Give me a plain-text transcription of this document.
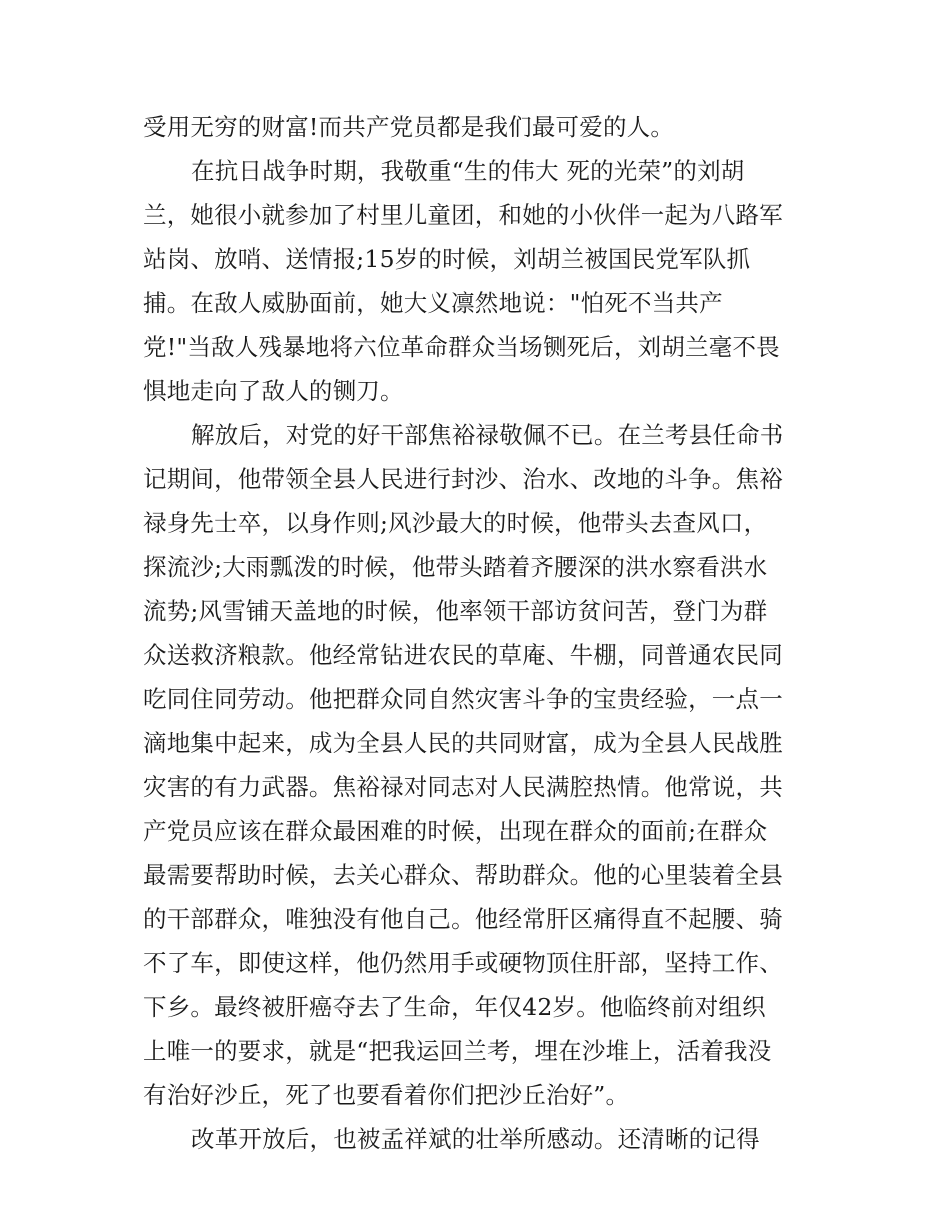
受用无穷的财富!而共产党员都是我们最可爱的人。
在抗日战争时期，我敬重“生的伟大 死的光荣”的刘胡
兰，她很小就参加了村里儿童团，和她的小伙伴一起为八路军
站岗、放哨、送情报;15岁的时候，刘胡兰被国民党军队抓
捕。在敌人威胁面前，她大义凛然地说："怕死不当共产
党!"当敌人残暴地将六位革命群众当场铡死后，刘胡兰毫不畏
惧地走向了敌人的铡刀。
解放后，对党的好干部焦裕禄敬佩不已。在兰考县任命书
记期间，他带领全县人民进行封沙、治水、改地的斗争。焦裕
禄身先士卒，以身作则;风沙最大的时候，他带头去查风口，
探流沙;大雨瓢泼的时候，他带头踏着齐腰深的洪水察看洪水
流势;风雪铺天盖地的时候，他率领干部访贫问苦，登门为群
众送救济粮款。他经常钻进农民的草庵、牛棚，同普通农民同
吃同住同劳动。他把群众同自然灾害斗争的宝贵经验，一点一
滴地集中起来，成为全县人民的共同财富，成为全县人民战胜
灾害的有力武器。焦裕禄对同志对人民满腔热情。他常说，共
产党员应该在群众最困难的时候，出现在群众的面前;在群众
最需要帮助时候，去关心群众、帮助群众。他的心里装着全县
的干部群众，唯独没有他自己。他经常肝区痛得直不起腰、骑
不了车，即使这样，他仍然用手或硬物顶住肝部，坚持工作、
下乡。最终被肝癌夺去了生命，年仅42岁。他临终前对组织
上唯一的要求，就是“把我运回兰考，埋在沙堆上，活着我没
有治好沙丘，死了也要看着你们把沙丘治好”。
改革开放后，也被孟祥斌的壮举所感动。还清晰的记得
